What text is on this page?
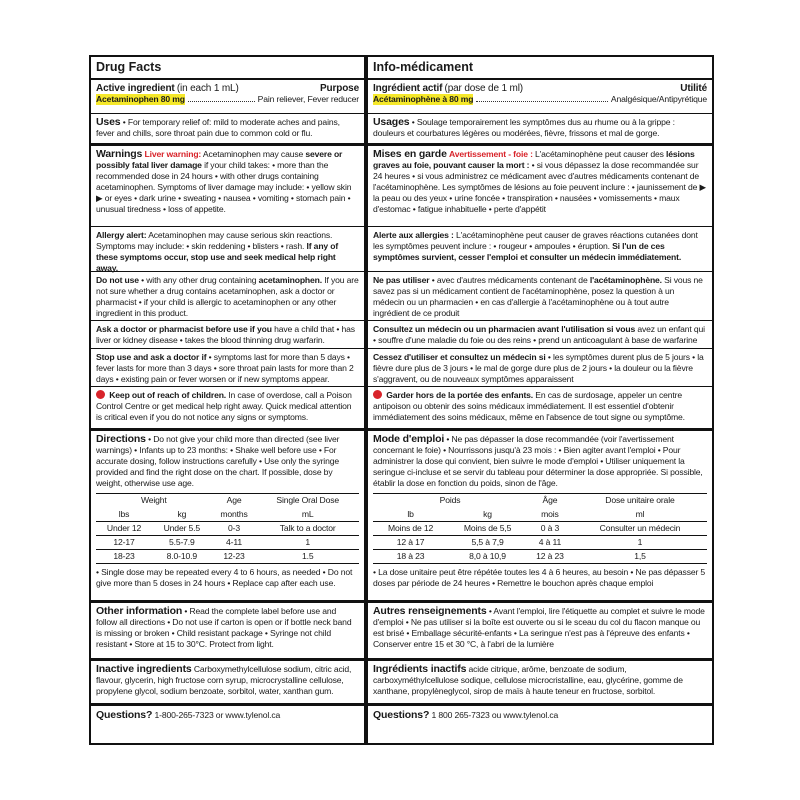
Drug Facts
Active ingredient (in each 1 mL)	Purpose
Acetaminophen 80 mg	Pain reliever, Fever reducer
Uses • For temporary relief of: mild to moderate aches and pains, fever and chills, sore throat pain due to common cold or flu.
Warnings Liver warning: Acetaminophen may cause severe or possibly fatal liver damage if your child takes: • more than the recommended dose in 24 hours • with other drugs containing acetaminophen. Symptoms of liver damage may include: • yellow skin ▶ or eyes • dark urine • sweating • nausea • vomiting • stomach pain • unusual tiredness • loss of appetite.
Allergy alert: Acetaminophen may cause serious skin reactions. Symptoms may include: • skin reddening • blisters • rash. If any of these symptoms occur, stop use and seek medical help right away.
Do not use • with any other drug containing acetaminophen. If you are not sure whether a drug contains acetaminophen, ask a doctor or pharmacist • if your child is allergic to acetaminophen or any other ingredient in this product.
Ask a doctor or pharmacist before use if you have a child that • has liver or kidney disease • takes the blood thinning drug warfarin.
Stop use and ask a doctor if • symptoms last for more than 5 days • fever lasts for more than 3 days • sore throat pain lasts for more than 2 days • existing pain or fever worsen or if new symptoms appear.
Keep out of reach of children. In case of overdose, call a Poison Control Centre or get medical help right away. Quick medical attention is critical even if you do not notice any signs or symptoms.
Directions • Do not give your child more than directed (see liver warnings) • Infants up to 23 months: • Shake well before use • For accurate dosing, follow instructions carefully • Use only the syringe provided and find the right dose on the chart. If possible, dose by weight, otherwise use age.
Weight		Age	Single Oral Dose
lbs	kg	months	mL
Under 12	Under 5.5	0-3	Talk to a doctor
12-17	5.5-7.9	4-11	1
18-23	8.0-10.9	12-23	1.5
• Single dose may be repeated every 4 to 6 hours, as needed • Do not give more than 5 doses in 24 hours • Replace cap after each use.
Other information • Read the complete label before use and follow all directions • Do not use if carton is open or if bottle neck band is missing or broken • Child resistant package • Syringe not child resistant • Store at 15 to 30°C. Protect from light.
Inactive ingredients Carboxymethylcellulose sodium, citric acid, flavour, glycerin, high fructose corn syrup, microcrystalline cellulose, propylene glycol, sodium benzoate, sorbitol, water, xanthan gum.
Questions? 1-800-265-7323 or www.tylenol.ca
Info-médicament
Ingrédient actif (par dose de 1 ml)	Utilité
Acétaminophène à 80 mg	Analgésique/Antipyrétique
Usages • Soulage temporairement les symptômes dus au rhume ou à la grippe : douleurs et courbatures légères ou modérées, fièvre, frissons et mal de gorge.
Mises en garde Avertissement - foie : L'acétaminophène peut causer des lésions graves au foie, pouvant causer la mort : • si vous dépassez la dose recommandée sur 24 heures • si vous administrez ce médicament avec d'autres médicaments contenant de l'acétaminophène. Les symptômes de lésions au foie peuvent inclure : • jaunissement de ▶ la peau ou des yeux • urine foncée • transpiration • nausées • vomissements • maux d'estomac • fatigue inhabituelle • perte d'appétit
Alerte aux allergies : L'acétaminophène peut causer de graves réactions cutanées dont les symptômes peuvent inclure : • rougeur • ampoules • éruption. Si l'un de ces symptômes survient, cesser l'emploi et consulter un médecin immédiatement.
Ne pas utiliser • avec d'autres médicaments contenant de l'acétaminophène. Si vous ne savez pas si un médicament contient de l'acétaminophène, posez la question à un médecin ou un pharmacien • en cas d'allergie à l'acétaminophène ou à tout autre ingrédient de ce produit
Consultez un médecin ou un pharmacien avant l'utilisation si vous avez un enfant qui • souffre d'une maladie du foie ou des reins • prend un anticoagulant à base de warfarine
Cessez d'utiliser et consultez un médecin si • les symptômes durent plus de 5 jours • la fièvre dure plus de 3 jours • le mal de gorge dure plus de 2 jours • la douleur ou la fièvre s'aggravent, ou de nouveaux symptômes apparaissent
Garder hors de la portée des enfants. En cas de surdosage, appeler un centre antipoison ou obtenir des soins médicaux immédiatement. Il est essentiel d'obtenir immédiatement des soins médicaux, même en l'absence de tout signe ou symptôme.
Mode d'emploi • Ne pas dépasser la dose recommandée (voir l'avertissement concernant le foie) • Nourrissons jusqu'à 23 mois : • Bien agiter avant l'emploi • Pour administrer la dose qui convient, bien suivre le mode d'emploi • Utiliser uniquement la seringue ci-incluse et se servir du tableau pour déterminer la dose appropriée. Si possible, établir la dose en fonction du poids, sinon de l'âge.
Poids		Âge	Dose unitaire orale
lb	kg	mois	ml
Moins de 12	Moins de 5,5	0 à 3	Consulter un médecin
12 à 17	5,5 à 7,9	4 à 11	1
18 à 23	8,0 à 10,9	12 à 23	1,5
• La dose unitaire peut être répétée toutes les 4 à 6 heures, au besoin • Ne pas dépasser 5 doses par période de 24 heures • Remettre le bouchon après chaque emploi
Autres renseignements • Avant l'emploi, lire l'étiquette au complet et suivre le mode d'emploi • Ne pas utiliser si la boîte est ouverte ou si le sceau du col du flacon manque ou est brisé • Emballage sécurité-enfants • La seringue n'est pas à l'épreuve des enfants • Conserver entre 15 et 30 °C, à l'abri de la lumière
Ingrédients inactifs acide citrique, arôme, benzoate de sodium, carboxyméthylcellulose sodique, cellulose microcristalline, eau, glycérine, gomme de xanthane, propylèneglycol, sirop de maïs à haute teneur en fructose, sorbitol.
Questions? 1 800 265-7323 ou www.tylenol.ca
